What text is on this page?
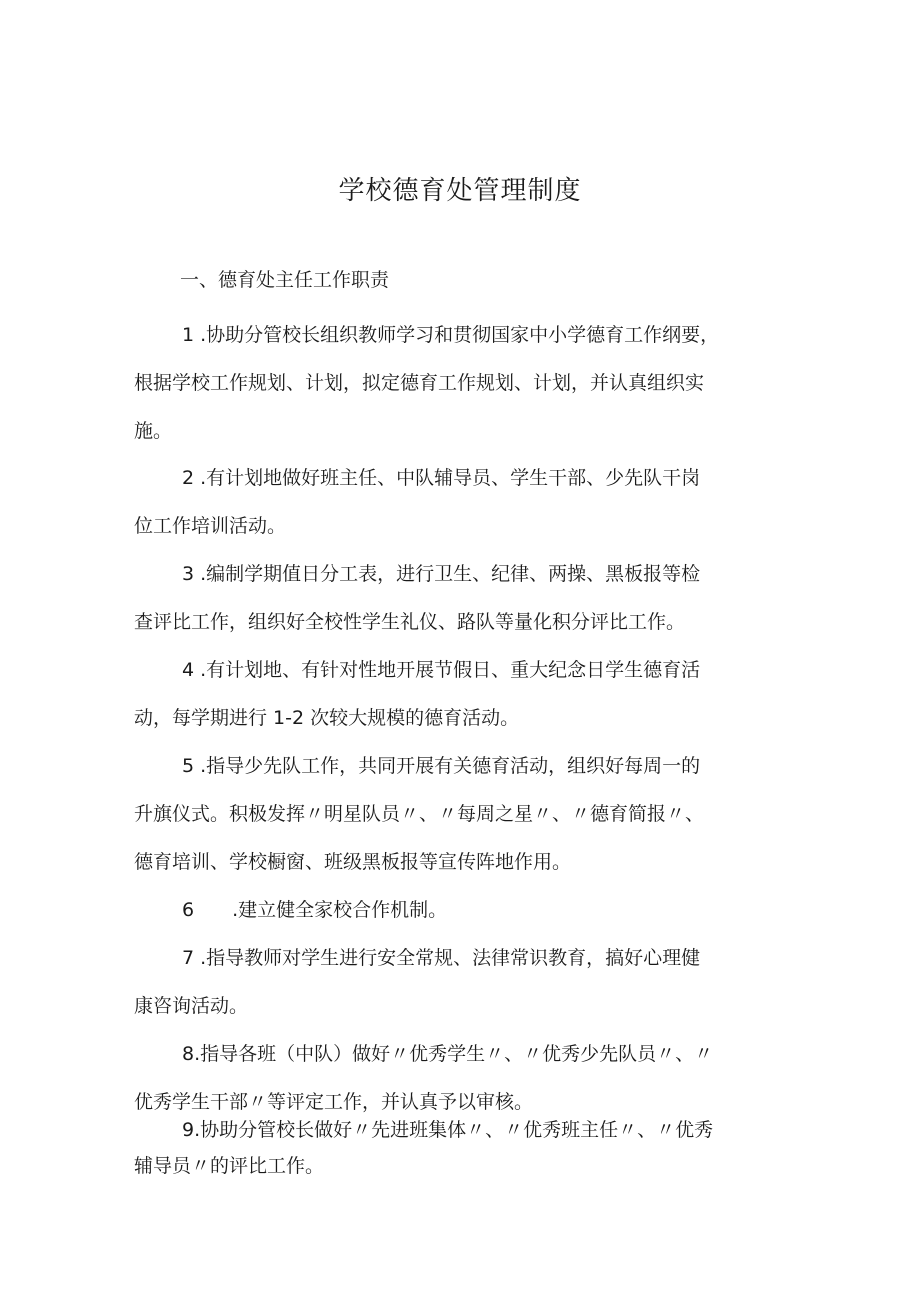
学校德育处管理制度
一、德育处主任工作职责
1 .协助分管校长组织教师学习和贯彻国家中小学德育工作纲要，
根据学校工作规划、计划，拟定德育工作规划、计划，并认真组织实
施。
2 .有计划地做好班主任、中队辅导员、学生干部、少先队干岗
位工作培训活动。
3 .编制学期值日分工表，进行卫生、纪律、两操、黑板报等检
查评比工作，组织好全校性学生礼仪、路队等量化积分评比工作。
4 .有计划地、有针对性地开展节假日、重大纪念日学生德育活
动，每学期进行 1-2 次较大规模的德育活动。
5 .指导少先队工作，共同开展有关德育活动，组织好每周一的
升旗仪式。积极发挥〃明星队员〃、〃每周之星〃、〃德育简报〃、
德育培训、学校橱窗、班级黑板报等宣传阵地作用。
6　　.建立健全家校合作机制。
7 .指导教师对学生进行安全常规、法律常识教育，搞好心理健
康咨询活动。
8.指导各班（中队）做好〃优秀学生〃、〃优秀少先队员〃、〃
优秀学生干部〃等评定工作，并认真予以审核。
9.协助分管校长做好〃先进班集体〃、〃优秀班主任〃、〃优秀
辅导员〃的评比工作。
